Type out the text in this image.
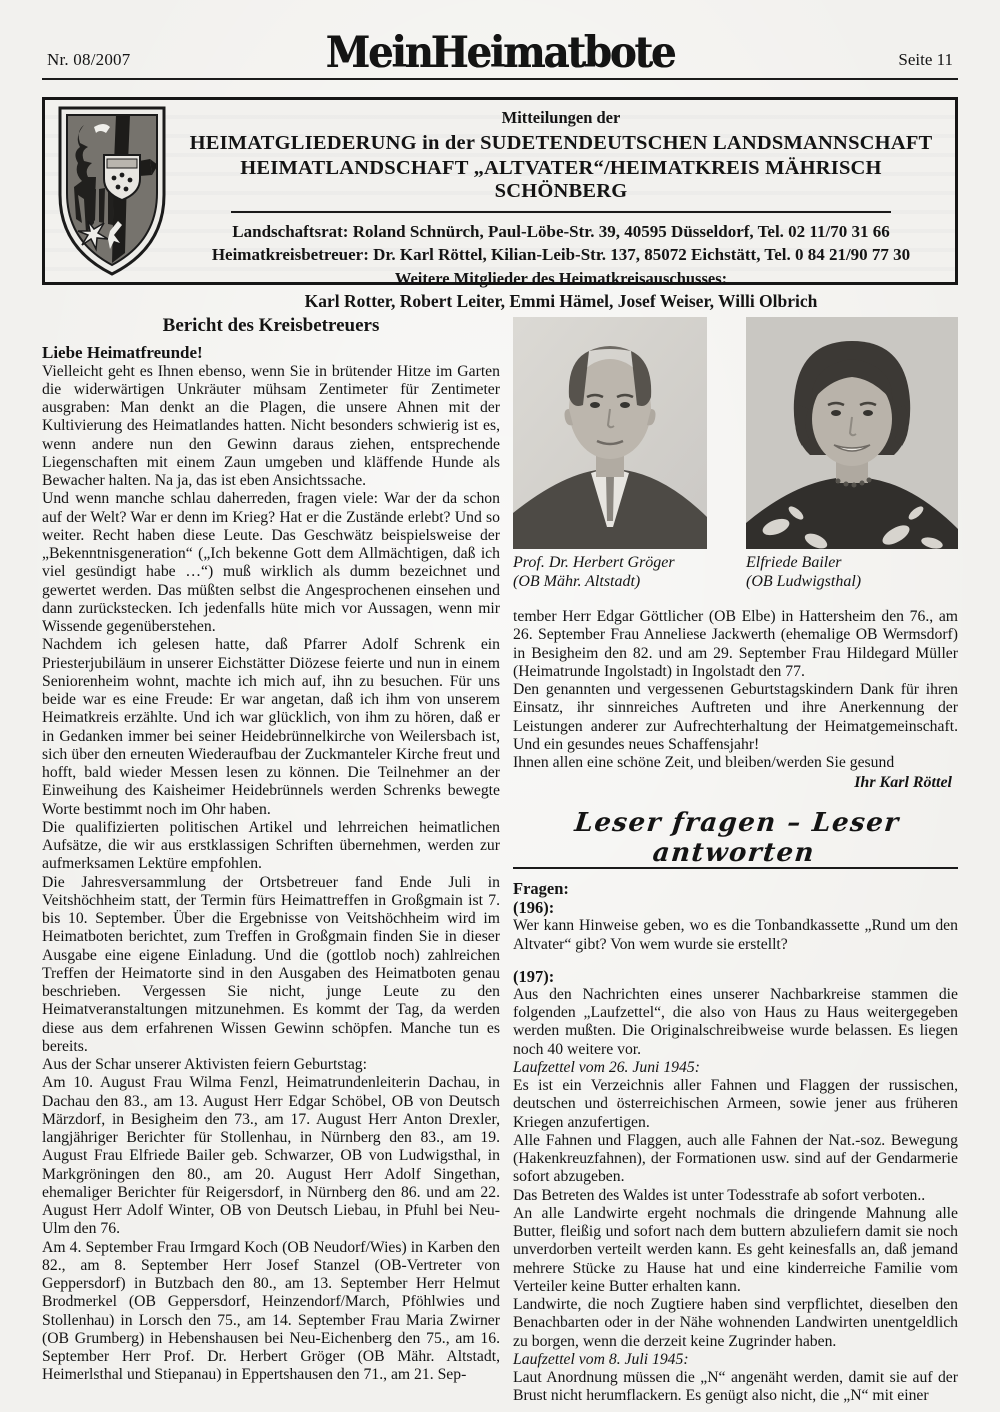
Nr. 08/2007	Mein Heimatbote	Seite 11

Mitteilungen der

HEIMATGLIEDERUNG in der SUDETENDEUTSCHEN LANDSMANNSCHAFT

HEIMATLANDSCHAFT „ALTVATER“/HEIMATKREIS MÄHRISCH SCHÖNBERG

Landschaftsrat: Roland Schnürch, Paul-Löbe-Str. 39, 40595 Düsseldorf, Tel. 02 11/70 31 66

Heimatkreisbetreuer: Dr. Karl Röttel, Kilian-Leib-Str. 137, 85072 Eichstätt, Tel. 0 84 21/90 77 30

Weitere Mitglieder des Heimatkreisauschusses:

Karl Rotter, Robert Leiter, Emmi Hämel, Josef Weiser, Willi Olbrich

Bericht des Kreisbetreuers

Liebe Heimatfreunde!

Vielleicht geht es Ihnen ebenso, wenn Sie in brütender Hitze im Garten die widerwärtigen Unkräuter mühsam Zentimeter für Zentimeter ausgraben: Man denkt an die Plagen, die unsere Ahnen mit der Kultivierung des Heimatlandes hatten. Nicht besonders schwierig ist es, wenn andere nun den Gewinn daraus ziehen, entsprechende Liegenschaften mit einem Zaun umgeben und kläffende Hunde als Bewacher halten. Na ja, das ist eben Ansichtssache.

Und wenn manche schlau daherreden, fragen viele: War der da schon auf der Welt? War er denn im Krieg? Hat er die Zustände erlebt? Und so weiter. Recht haben diese Leute. Das Geschwätz beispielsweise der „Bekenntnisgeneration“ („Ich bekenne Gott dem Allmächtigen, daß ich viel gesündigt habe …“) muß wirklich als dumm bezeichnet und gewertet werden. Das müßten selbst die Angesprochenen einsehen und dann zurückstecken. Ich jedenfalls hüte mich vor Aussagen, wenn mir Wissende gegenüberstehen.

Nachdem ich gelesen hatte, daß Pfarrer Adolf Schrenk ein Priesterjubiläum in unserer Eichstätter Diözese feierte und nun in einem Seniorenheim wohnt, machte ich mich auf, ihn zu besuchen. Für uns beide war es eine Freude: Er war angetan, daß ich ihm von unserem Heimatkreis erzählte. Und ich war glücklich, von ihm zu hören, daß er in Gedanken immer bei seiner Heidebrünnelkirche von Weilersbach ist, sich über den erneuten Wiederaufbau der Zuckmanteler Kirche freut und hofft, bald wieder Messen lesen zu können. Die Teilnehmer an der Einweihung des Kaisheimer Heidebrünnels werden Schrenks bewegte Worte bestimmt noch im Ohr haben.

Die qualifizierten politischen Artikel und lehrreichen heimatlichen Aufsätze, die wir aus erstklassigen Schriften übernehmen, werden zur aufmerksamen Lektüre empfohlen.

Die Jahresversammlung der Ortsbetreuer fand Ende Juli in Veitshöchheim statt, der Termin fürs Heimattreffen in Großgmain ist 7. bis 10. September. Über die Ergebnisse von Veitshöchheim wird im Heimatboten berichtet, zum Treffen in Großgmain finden Sie in dieser Ausgabe eine eigene Einladung. Und die (gottlob noch) zahlreichen Treffen der Heimatorte sind in den Ausgaben des Heimatboten genau beschrieben. Vergessen Sie nicht, junge Leute zu den Heimatveranstaltungen mitzunehmen. Es kommt der Tag, da werden diese aus dem erfahrenen Wissen Gewinn schöpfen. Manche tun es bereits.

Aus der Schar unserer Aktivisten feiern Geburtstag:

Am 10. August Frau Wilma Fenzl, Heimatrundenleiterin Dachau, in Dachau den 83., am 13. August Herr Edgar Schöbel, OB von Deutsch Märzdorf, in Besigheim den 73., am 17. August Herr Anton Drexler, langjähriger Berichter für Stollenhau, in Nürnberg den 83., am 19. August Frau Elfriede Bailer geb. Schwarzer, OB von Ludwigsthal, in Markgröningen den 80., am 20. August Herr Adolf Singethan, ehemaliger Berichter für Reigersdorf, in Nürnberg den 86. und am 22. August Herr Adolf Winter, OB von Deutsch Liebau, in Pfuhl bei Neu-Ulm den 76.

Am 4. September Frau Irmgard Koch (OB Neudorf/Wies) in Karben den 82., am 8. September Herr Josef Stanzel (OB-Vertreter von Geppersdorf) in Butzbach den 80., am 13. September Herr Helmut Brodmerkel (OB Geppersdorf, Heinzendorf/March, Pföhlwies und Stollenhau) in Lorsch den 75., am 14. September Frau Maria Zwirner (OB Grumberg) in Hebenshausen bei Neu-Eichenberg den 75., am 16. September Herr Prof. Dr. Herbert Gröger (OB Mähr. Altstadt, Heimerlsthal und Stiepanau) in Eppertshausen den 71., am 21. Sep-

Prof. Dr. Herbert Gröger
(OB Mähr. Altstadt)
Elfriede Bailer
(OB Ludwigsthal)

tember Herr Edgar Göttlicher (OB Elbe) in Hattersheim den 76., am 26. September Frau Anneliese Jackwerth (ehemalige OB Wermsdorf) in Besigheim den 82. und am 29. September Frau Hildegard Müller (Heimatrunde Ingolstadt) in Ingolstadt den 77.

Den genannten und vergessenen Geburtstagskindern Dank für ihren Einsatz, ihr sinnreiches Auftreten und ihre Anerkennung der Leistungen anderer zur Aufrechterhaltung der Heimatgemeinschaft. Und ein gesundes neues Schaffensjahr!

Ihnen allen eine schöne Zeit, und bleiben/werden Sie gesund

Ihr Karl Röttel

Leser fragen – Leser antworten

Fragen:

(196):

Wer kann Hinweise geben, wo es die Tonbandkassette „Rund um den Altvater“ gibt? Von wem wurde sie erstellt?

(197):

Aus den Nachrichten eines unserer Nachbarkreise stammen die folgenden „Laufzettel“, die also von Haus zu Haus weitergegeben werden mußten. Die Originalschreibweise wurde belassen. Es liegen noch 40 weitere vor.

Laufzettel vom 26. Juni 1945:

Es ist ein Verzeichnis aller Fahnen und Flaggen der russischen, deutschen und österreichischen Armeen, sowie jener aus früheren Kriegen anzufertigen.

Alle Fahnen und Flaggen, auch alle Fahnen der Nat.-soz. Bewegung (Hakenkreuzfahnen), der Formationen usw. sind auf der Gendarmerie sofort abzugeben.

Das Betreten des Waldes ist unter Todesstrafe ab sofort verboten..

An alle Landwirte ergeht nochmals die dringende Mahnung alle Butter, fleißig und sofort nach dem buttern abzuliefern damit sie noch unverdorben verteilt werden kann. Es geht keinesfalls an, daß jemand mehrere Stücke zu Hause hat und eine kinderreiche Familie vom Verteiler keine Butter erhalten kann.

Landwirte, die noch Zugtiere haben sind verpflichtet, dieselben den Benachbarten oder in der Nähe wohnenden Landwirten unentgeldlich zu borgen, wenn die derzeit keine Zugrinder haben.

Laufzettel vom 8. Juli 1945:

Laut Anordnung müssen die „N“ angenäht werden, damit sie auf der Brust nicht herumflackern. Es genügt also nicht, die „N“ mit einer
